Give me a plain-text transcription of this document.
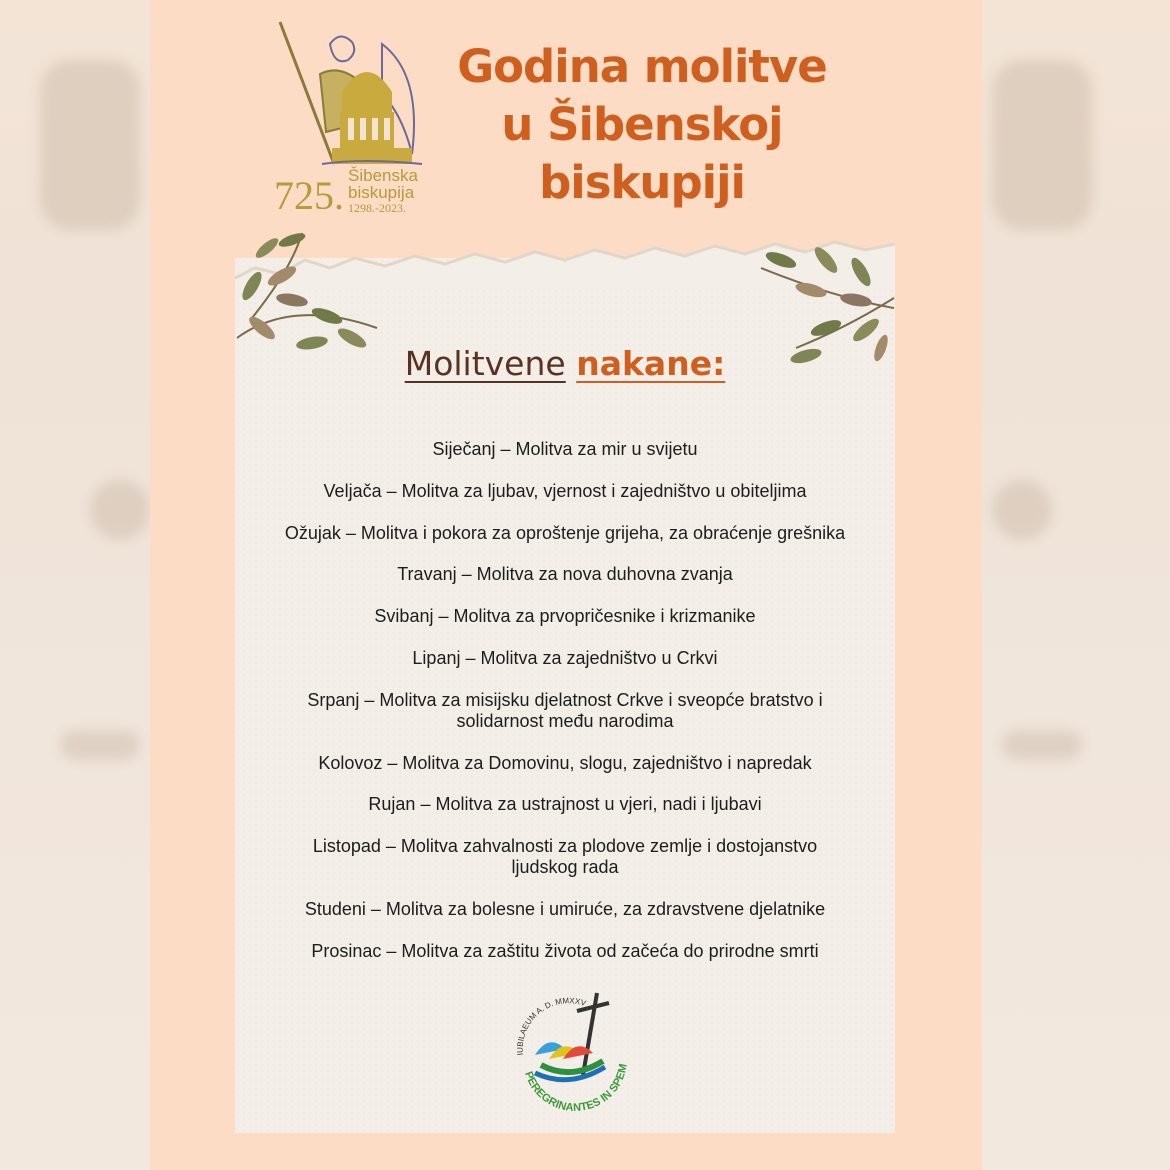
725. Šibenska
biskupija
1298.-2023.
Godina molitve
u Šibenskoj
biskupiji
Molitvene nakane:
Siječanj – Molitva za mir u svijetu
Veljača – Molitva za ljubav, vjernost i zajedništvo u obiteljima
Ožujak – Molitva i pokora za oproštenje grijeha, za obraćenje grešnika
Travanj – Molitva za nova duhovna zvanja
Svibanj – Molitva za prvopričesnike i krizmanike
Lipanj – Molitva za zajedništvo u Crkvi
Srpanj – Molitva za misijsku djelatnost Crkve i sveopće bratstvo i solidarnost među narodima
Kolovoz – Molitva za Domovinu, slogu, zajedništvo i napredak
Rujan – Molitva za ustrajnost u vjeri, nadi i ljubavi
Listopad – Molitva zahvalnosti za plodove zemlje i dostojanstvo ljudskog rada
Studeni – Molitva za bolesne i umiruće, za zdravstvene djelatnike
Prosinac – Molitva za zaštitu života od začeća do prirodne smrti
IUBILAEUM A. D. MMXXV
PEREGRINANTES IN SPEM
